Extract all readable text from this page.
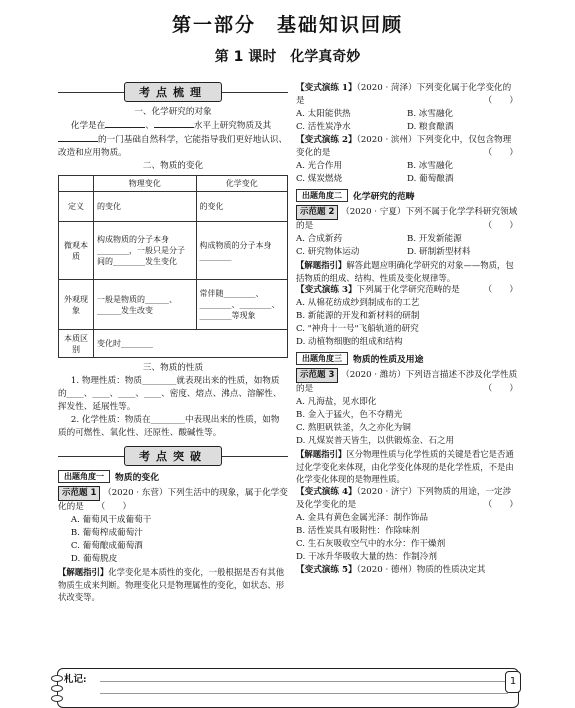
第一部分　基础知识回顾
第 1 课时　化学真奇妙
考点梳理

一、化学研究的对象

化学是在	、	水平上研究物质及其的一门基础自然科学，它能指导我们更好地认识、改造和应用物质。

二、物质的变化

	物理变化	化学变化
定义	的变化	的变化
微观本质	构成物质的分子本身________，一般只是分子间的________发生变化	构成物质的分子本身________
外观现象	一般是物质的______、______发生改变	常伴随________、________、________、________等现象
本质区别	变化时________	

三、物质的性质

1. 物理性质：物质________就表现出来的性质，如物质的____、____、____、____、密度、熔点、沸点、溶解性、挥发性、延展性等。

2. 化学性质：物质在________中表现出来的性质，如物质的可燃性、氧化性、还原性、酸碱性等。

考点突破
出题角度一	物质的变化

示范题 1 （2020 · 东营）下列生活中的现象，属于化学变化的是　　（　　）

A. 葡萄风干成葡萄干

B. 葡萄榨成葡萄汁

C. 葡萄酿成葡萄酒

D. 葡萄脱皮

【解题指引】化学变化是本质性的变化，一般根据是否有其他物质生成来判断。物理变化只是物理属性的变化，如状态、形状改变等。

【变式演练 1】（2020 · 菏泽）下列变化属于化学变化的是	（　　）

A. 太阳能供热	B. 冰雪融化
C. 活性炭净水	D. 粮食酿酒

【变式演练 2】（2020 · 滨州）下列变化中，仅包含物理变化的是	（　　）

A. 光合作用	B. 冰雪融化
C. 煤炭燃烧	D. 葡萄酿酒
出题角度二	化学研究的范畴

示范题 2 （2020 · 宁夏）下列不属于化学学科研究领域的是	（　　）

A. 合成新药	B. 开发新能源
C. 研究物体运动	D. 研制新型材料

【解题指引】解答此题应明确化学研究的对象——物质，包括物质的组成、结构、性质及变化规律等。

【变式演练 3】下列属于化学研究范畴的是	（　　）

A. 从棉花纺成纱到制成布的工艺

B. 新能源的开发和新材料的研制

C. "神舟十一号"飞船轨道的研究

D. 动植物细胞的组成和结构

出题角度三	物质的性质及用途

示范题 3 （2020 · 潍坊）下列语言描述不涉及化学性质的是	（　　）

A. 凡海盐，见水即化

B. 金入于猛火，色不夺精光

C. 熬胆矾铁釜，久之亦化为铜

D. 凡煤炭普天皆生，以供锻炼金、石之用

【解题指引】区分物理性质与化学性质的关键是看它是否通过化学变化来体现，由化学变化体现的是化学性质，不是由化学变化体现的是物理性质。

【变式演练 4】（2020 · 济宁）下列物质的用途，一定涉及化学变化的是	（　　）

A. 金具有黄色金属光泽：制作饰品

B. 活性炭具有吸附性：作除味剂

C. 生石灰吸收空气中的水分：作干燥剂

D. 干冰升华吸收大量的热：作制冷剂

【变式演练 5】（2020 · 德州）物质的性质决定其

札记:	1
